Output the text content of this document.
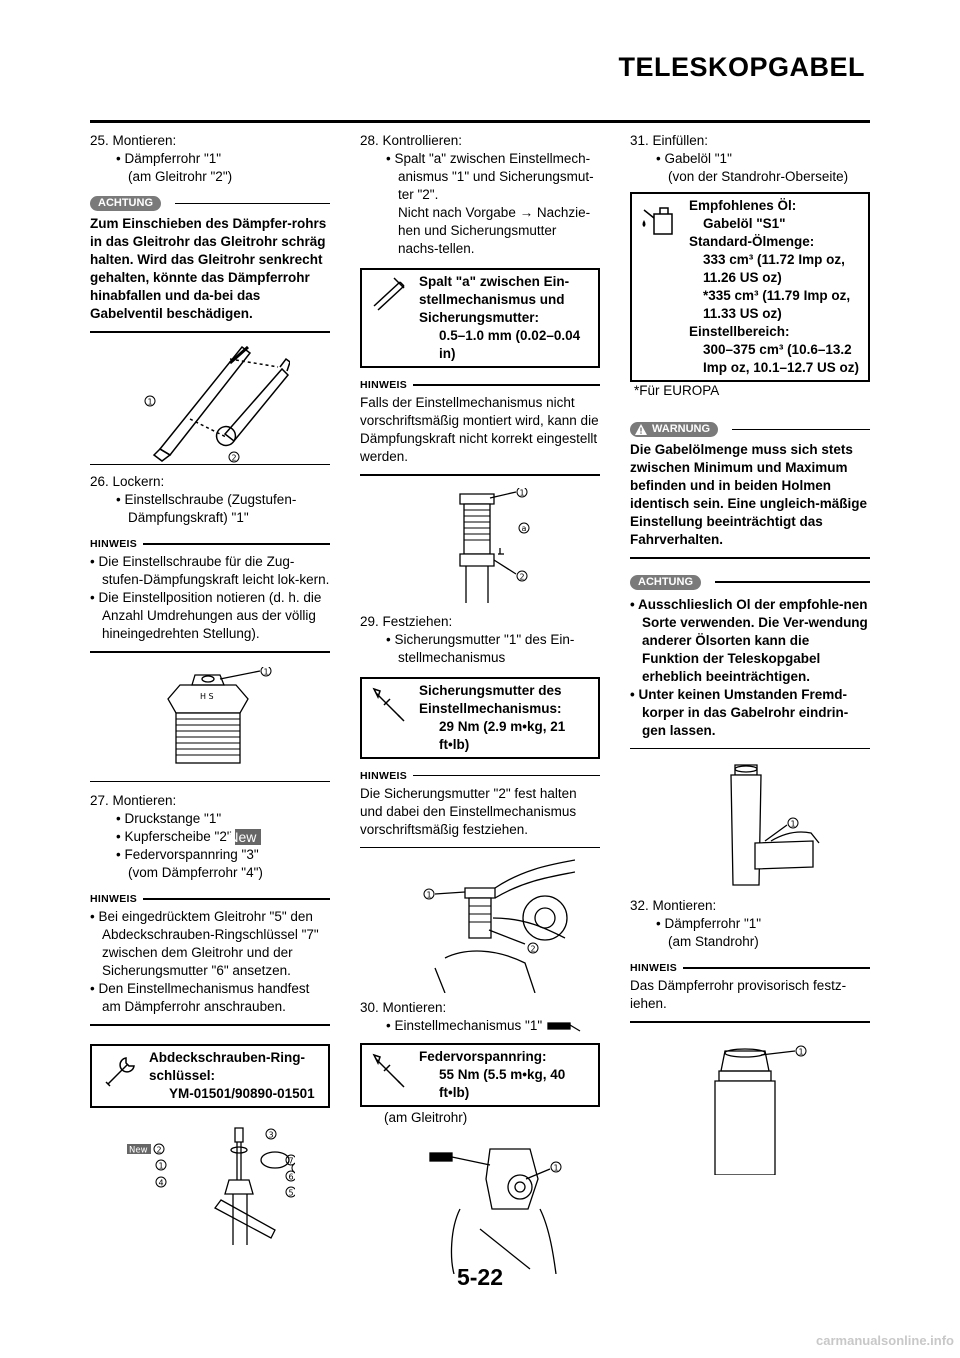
TELESKOPGABEL
25. Montieren:
• Dämpferrohr "1"
(am Gleitrohr "2")
ACHTUNG
Zum Einschieben des Dämpfer-rohrs in das Gleitrohr das Gleitrohr schräg halten. Wird das Gleitrohr senkrecht gehalten, könnte das Dämpferrohr hinabfallen und da-bei das Gabelventil beschädigen.
1
2
26. Lockern:
• Einstellschraube (Zugstufen-Dämpfungskraft) "1"
HINWEIS
• Die Einstellschraube für die Zug-stufen-Dämpfungskraft leicht lok-kern.
• Die Einstellposition notieren (d. h. die Anzahl Umdrehungen aus der völlig hineingedrehten Stellung).
H S
1
27. Montieren:
• Druckstange "1"
• Kupferscheibe "2" New
• Federvorspannring "3"
(vom Dämpferrohr "4")
HINWEIS
• Bei eingedrücktem Gleitrohr "5" den Abdeckschrauben-Ringschlüssel "7" zwischen dem Gleitrohr und der Sicherungsmutter "6" ansetzen.
• Den Einstellmechanismus handfest am Dämpferrohr anschrauben.
Abdeckschrauben-Ring-schlüssel:
YM-01501/90890-01501
New 2
3
1
4
6
5
7
28. Kontrollieren:
• Spalt "a" zwischen Einstellmech-anismus "1" und Sicherungsmut-ter "2".
Nicht nach Vorgabe → Nachzie-hen und Sicherungsmutter nachs-tellen.
Spalt "a" zwischen Ein-stellmechanismus und Sicherungsmutter:
0.5–1.0 mm (0.02–0.04 in)
HINWEIS
Falls der Einstellmechanismus nicht vorschriftsmäßig montiert wird, kann die Dämpfungskraft nicht korrekt eingestellt werden.
1
a
2
29. Festziehen:
• Sicherungsmutter "1" des Ein-stellmechanismus
Sicherungsmutter des Einstellmechanismus:
29 Nm (2.9 m•kg, 21 ft•lb)
HINWEIS
Die Sicherungsmutter "2" fest halten und dabei den Einstellmechanismus vorschriftsmäßig festziehen.
1
2
30. Montieren:
• Einstellmechanismus "1"
Federvorspannring:
55 Nm (5.5 m•kg, 40 ft•lb)
(am Gleitrohr)
1
31. Einfüllen:
• Gabelöl "1"
(von der Standrohr-Oberseite)
Empfohlenes Öl:
Gabelöl "S1"
Standard-Ölmenge:
333 cm³ (11.72 Imp oz, 11.26 US oz)
*335 cm³ (11.79 Imp oz, 11.33 US oz)
Einstellbereich:
300–375 cm³ (10.6–13.2 Imp oz, 10.1–12.7 US oz)
*Für EUROPA
WARNUNG
Die Gabelölmenge muss sich stets zwischen Minimum und Maximum befinden und in beiden Holmen identisch sein. Eine ungleich-mäßige Einstellung beeinträchtigt das Fahrverhalten.
ACHTUNG
• Ausschlieslich Ol der empfohle-nen Sorte verwenden. Die Ver-wendung anderer Ölsorten kann die Funktion der Teleskopgabel erheblich beeinträchtigen.
• Unter keinen Umstanden Fremd-korper in das Gabelrohr eindrin-gen lassen.
1
32. Montieren:
• Dämpferrohr "1"
(am Standrohr)
HINWEIS
Das Dämpferrohr provisorisch festz-iehen.
1
5-22
carmanualsonline.info
